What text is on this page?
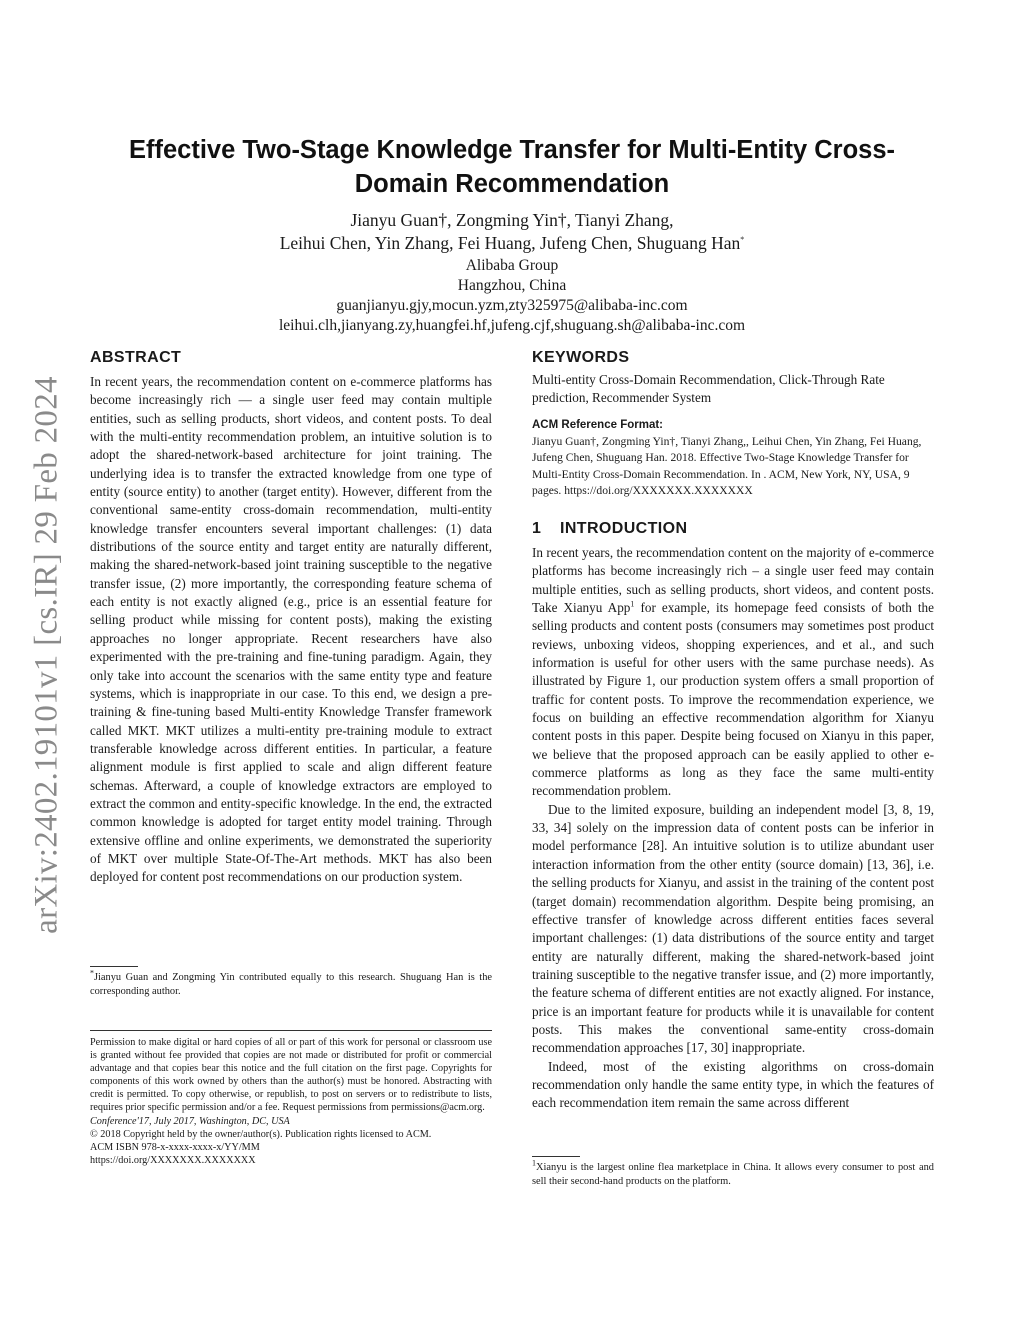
arXiv:2402.19101v1 [cs.IR] 29 Feb 2024
Effective Two-Stage Knowledge Transfer for Multi-Entity Cross-Domain Recommendation
Jianyu Guan†, Zongming Yin†, Tianyi Zhang,
Leihui Chen, Yin Zhang, Fei Huang, Jufeng Chen, Shuguang Han*
Alibaba Group
Hangzhou, China
guanjianyu.gjy,mocun.yzm,zty325975@alibaba-inc.com
leihui.clh,jianyang.zy,huangfei.hf,jufeng.cjf,shuguang.sh@alibaba-inc.com
ABSTRACT

In recent years, the recommendation content on e-commerce platforms has become increasingly rich — a single user feed may contain multiple entities, such as selling products, short videos, and content posts. To deal with the multi-entity recommendation problem, an intuitive solution is to adopt the shared-network-based architecture for joint training. The underlying idea is to transfer the extracted knowledge from one type of entity (source entity) to another (target entity). However, different from the conventional same-entity cross-domain recommendation, multi-entity knowledge transfer encounters several important challenges: (1) data distributions of the source entity and target entity are naturally different, making the shared-network-based joint training susceptible to the negative transfer issue, (2) more importantly, the corresponding feature schema of each entity is not exactly aligned (e.g., price is an essential feature for selling product while missing for content posts), making the existing approaches no longer appropriate. Recent researchers have also experimented with the pre-training and fine-tuning paradigm. Again, they only take into account the scenarios with the same entity type and feature systems, which is inappropriate in our case. To this end, we design a pre-training & fine-tuning based Multi-entity Knowledge Transfer framework called MKT. MKT utilizes a multi-entity pre-training module to extract transferable knowledge across different entities. In particular, a feature alignment module is first applied to scale and align different feature schemas. Afterward, a couple of knowledge extractors are employed to extract the common and entity-specific knowledge. In the end, the extracted common knowledge is adopted for target entity model training. Through extensive offline and online experiments, we demonstrated the superiority of MKT over multiple State-Of-The-Art methods. MKT has also been deployed for content post recommendations on our production system.

*Jianyu Guan and Zongming Yin contributed equally to this research. Shuguang Han is the corresponding author.

Permission to make digital or hard copies of all or part of this work for personal or classroom use is granted without fee provided that copies are not made or distributed for profit or commercial advantage and that copies bear this notice and the full citation on the first page. Copyrights for components of this work owned by others than the author(s) must be honored. Abstracting with credit is permitted. To copy otherwise, or republish, to post on servers or to redistribute to lists, requires prior specific permission and/or a fee. Request permissions from permissions@acm.org.

Conference'17, July 2017, Washington, DC, USA

© 2018 Copyright held by the owner/author(s). Publication rights licensed to ACM.

ACM ISBN 978-x-xxxx-xxxx-x/YY/MM

https://doi.org/XXXXXXX.XXXXXXX

KEYWORDS

Multi-entity Cross-Domain Recommendation, Click-Through Rate prediction, Recommender System

ACM Reference Format:

Jianyu Guan†, Zongming Yin†, Tianyi Zhang,, Leihui Chen, Yin Zhang, Fei Huang, Jufeng Chen, Shuguang Han. 2018. Effective Two-Stage Knowledge Transfer for Multi-Entity Cross-Domain Recommendation. In . ACM, New York, NY, USA, 9 pages. https://doi.org/XXXXXXX.XXXXXXX

1 INTRODUCTION

In recent years, the recommendation content on the majority of e-commerce platforms has become increasingly rich – a single user feed may contain multiple entities, such as selling products, short videos, and content posts. Take Xianyu App$^1$ for example, its homepage feed consists of both the selling products and content posts (consumers may sometimes post product reviews, unboxing videos, shopping experiences, and et al., and such information is useful for other users with the same purchase needs). As illustrated by Figure 1, our production system offers a small proportion of traffic for content posts. To improve the recommendation experience, we focus on building an effective recommendation algorithm for Xianyu content posts in this paper. Despite being focused on Xianyu in this paper, we believe that the proposed approach can be easily applied to other e-commerce platforms as long as they face the same multi-entity recommendation problem.

Due to the limited exposure, building an independent model [3, 8, 19, 33, 34] solely on the impression data of content posts can be inferior in model performance [28]. An intuitive solution is to utilize abundant user interaction information from the other entity (source domain) [13, 36], i.e. the selling products for Xianyu, and assist in the training of the content post (target domain) recommendation algorithm. Despite being promising, an effective transfer of knowledge across different entities faces several important challenges: (1) data distributions of the source entity and target entity are naturally different, making the shared-network-based joint training susceptible to the negative transfer issue, and (2) more importantly, the feature schema of different entities are not exactly aligned. For instance, price is an important feature for products while it is unavailable for content posts. This makes the conventional same-entity cross-domain recommendation approaches [17, 30] inappropriate.

Indeed, most of the existing algorithms on cross-domain recommendation only handle the same entity type, in which the features of each recommendation item remain the same across different

$^1$Xianyu is the largest online flea marketplace in China. It allows every consumer to post and sell their second-hand products on the platform.
